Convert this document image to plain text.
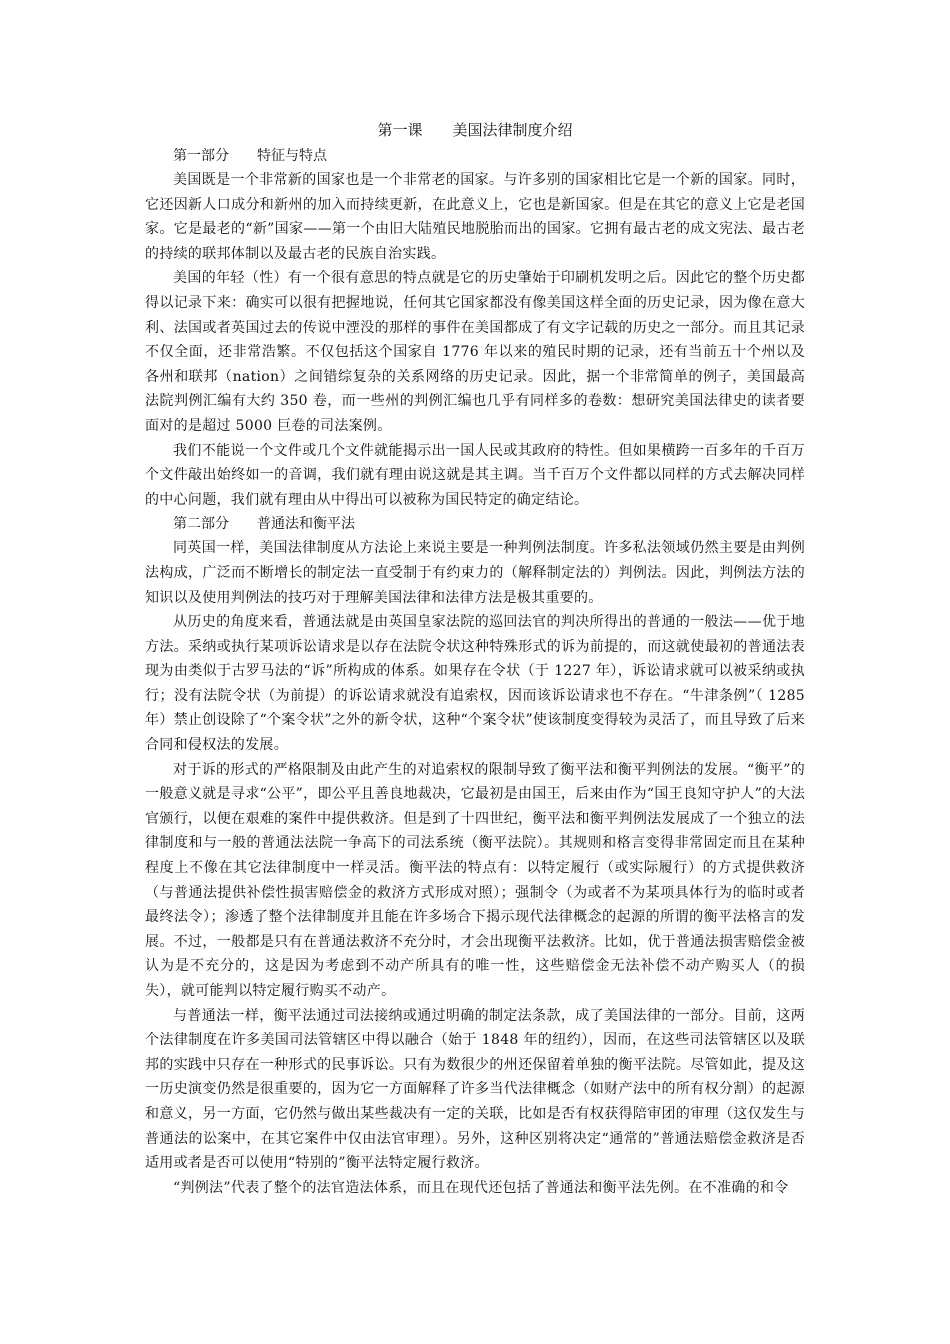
第一课　　美国法律制度介绍
第一部分　　特征与特点

美国既是一个非常新的国家也是一个非常老的国家。与许多别的国家相比它是一个新的国家。同时，它还因新人口成分和新州的加入而持续更新，在此意义上，它也是新国家。但是在其它的意义上它是老国家。它是最老的“新”国家——第一个由旧大陆殖民地脱胎而出的国家。它拥有最古老的成文宪法、最古老的持续的联邦体制以及最古老的民族自治实践。

美国的年轻（性）有一个很有意思的特点就是它的历史肇始于印刷机发明之后。因此它的整个历史都得以记录下来：确实可以很有把握地说，任何其它国家都没有像美国这样全面的历史记录，因为像在意大利、法国或者英国过去的传说中湮没的那样的事件在美国都成了有文字记载的历史之一部分。而且其记录不仅全面，还非常浩繁。不仅包括这个国家自 1776 年以来的殖民时期的记录，还有当前五十个州以及各州和联邦（nation）之间错综复杂的关系网络的历史记录。因此，据一个非常简单的例子，美国最高法院判例汇编有大约 350 卷，而一些州的判例汇编也几乎有同样多的卷数：想研究美国法律史的读者要面对的是超过 5000 巨卷的司法案例。

我们不能说一个文件或几个文件就能揭示出一国人民或其政府的特性。但如果横跨一百多年的千百万个文件敲出始终如一的音调，我们就有理由说这就是其主调。当千百万个文件都以同样的方式去解决同样的中心问题，我们就有理由从中得出可以被称为国民特定的确定结论。

第二部分　　普通法和衡平法

同英国一样，美国法律制度从方法论上来说主要是一种判例法制度。许多私法领域仍然主要是由判例法构成，广泛而不断增长的制定法一直受制于有约束力的（解释制定法的）判例法。因此，判例法方法的知识以及使用判例法的技巧对于理解美国法律和法律方法是极其重要的。

从历史的角度来看，普通法就是由英国皇家法院的巡回法官的判决所得出的普通的一般法——优于地方法。采纳或执行某项诉讼请求是以存在法院令状这种特殊形式的诉为前提的，而这就使最初的普通法表现为由类似于古罗马法的“诉”所构成的体系。如果存在令状（于 1227 年），诉讼请求就可以被采纳或执行；没有法院令状（为前提）的诉讼请求就没有追索权，因而该诉讼请求也不存在。“牛津条例”（ 1285 年）禁止创设除了“个案令状”之外的新令状，这种“个案令状”使该制度变得较为灵活了，而且导致了后来合同和侵权法的发展。

对于诉的形式的严格限制及由此产生的对追索权的限制导致了衡平法和衡平判例法的发展。“衡平”的一般意义就是寻求“公平”，即公平且善良地裁决，它最初是由国王，后来由作为“国王良知守护人”的大法官颁行，以便在艰难的案件中提供救济。但是到了十四世纪，衡平法和衡平判例法发展成了一个独立的法律制度和与一般的普通法法院一争高下的司法系统（衡平法院）。其规则和格言变得非常固定而且在某种程度上不像在其它法律制度中一样灵活。衡平法的特点有：以特定履行（或实际履行）的方式提供救济（与普通法提供补偿性损害赔偿金的救济方式形成对照）；强制令（为或者不为某项具体行为的临时或者最终法令）；渗透了整个法律制度并且能在许多场合下揭示现代法律概念的起源的所谓的衡平法格言的发展。不过，一般都是只有在普通法救济不充分时，才会出现衡平法救济。比如，优于普通法损害赔偿金被认为是不充分的，这是因为考虑到不动产所具有的唯一性，这些赔偿金无法补偿不动产购买人（的损失），就可能判以特定履行购买不动产。

与普通法一样，衡平法通过司法接纳或通过明确的制定法条款，成了美国法律的一部分。目前，这两个法律制度在许多美国司法管辖区中得以融合（始于 1848 年的纽约），因而，在这些司法管辖区以及联邦的实践中只存在一种形式的民事诉讼。只有为数很少的州还保留着单独的衡平法院。尽管如此，提及这一历史演变仍然是很重要的，因为它一方面解释了许多当代法律概念（如财产法中的所有权分割）的起源和意义，另一方面，它仍然与做出某些裁决有一定的关联，比如是否有权获得陪审团的审理（这仅发生与普通法的讼案中，在其它案件中仅由法官审理）。另外，这种区别将决定“通常的”普通法赔偿金救济是否适用或者是否可以使用“特别的”衡平法特定履行救济。

“判例法”代表了整个的法官造法体系，而且在现代还包括了普通法和衡平法先例。在不准确的和令
